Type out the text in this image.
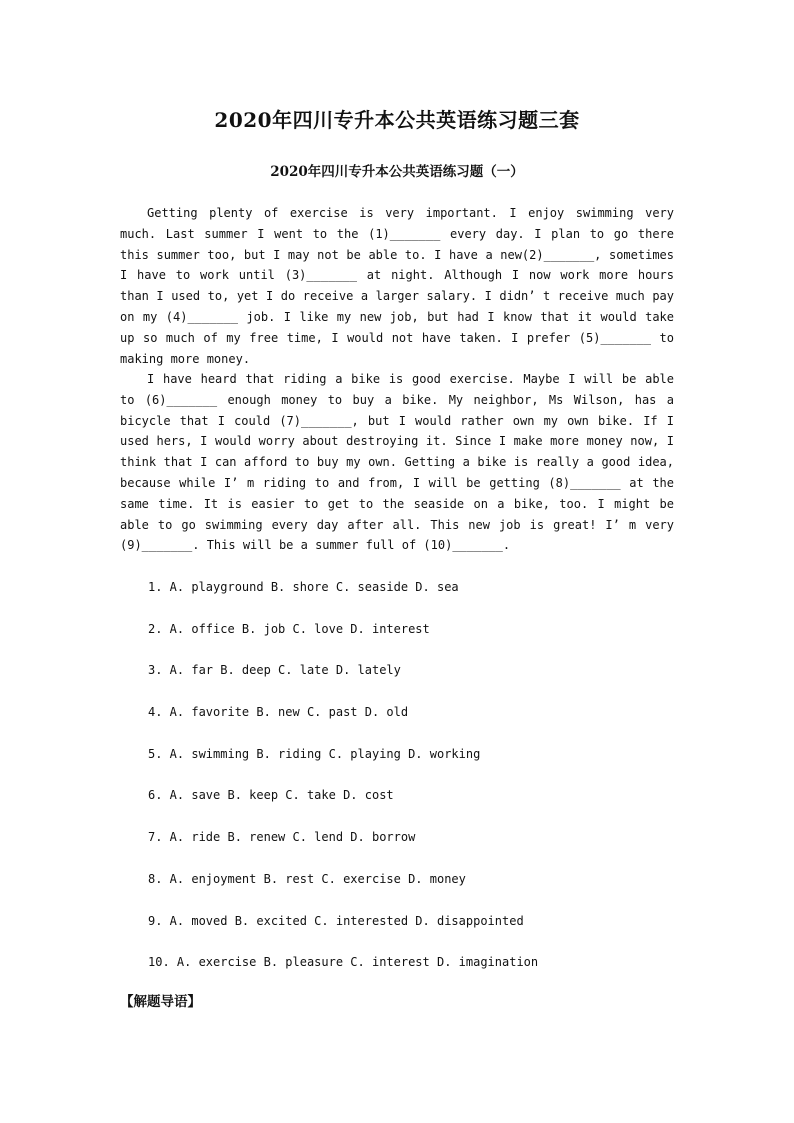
2020年四川专升本公共英语练习题三套
2020年四川专升本公共英语练习题（一）

Getting plenty of exercise is very important. I enjoy swimming very much. Last summer I went to the (1)_______ every day. I plan to go there this summer too, but I may not be able to. I have a new(2)_______, sometimes I have to work until (3)_______ at night. Although I now work more hours than I used to, yet I do receive a larger salary. I didn’ t receive much pay on my (4)_______ job. I like my new job, but had I know that it would take up so much of my free time, I would not have taken. I prefer (5)_______ to making more money.

I have heard that riding a bike is good exercise. Maybe I will be able to (6)_______ enough money to buy a bike. My neighbor, Ms Wilson, has a bicycle that I could (7)_______, but I would rather own my own bike. If I used hers, I would worry about destroying it. Since I make more money now, I think that I can afford to buy my own. Getting a bike is really a good idea, because while I’ m riding to and from, I will be getting (8)_______ at the same time. It is easier to get to the seaside on a bike, too. I might be able to go swimming every day after all. This new job is great! I’ m very (9)_______. This will be a summer full of (10)_______.

1. A. playground B. shore C. seaside D. sea
2. A. office B. job C. love D. interest
3. A. far B. deep C. late D. lately
4. A. favorite B. new C. past D. old
5. A. swimming B. riding C. playing D. working
6. A. save B. keep C. take D. cost
7. A. ride B. renew C. lend D. borrow
8. A. enjoyment B. rest C. exercise D. money
9. A. moved B. excited C. interested D. disappointed
10. A. exercise B. pleasure C. interest D. imagination
【解题导语】
